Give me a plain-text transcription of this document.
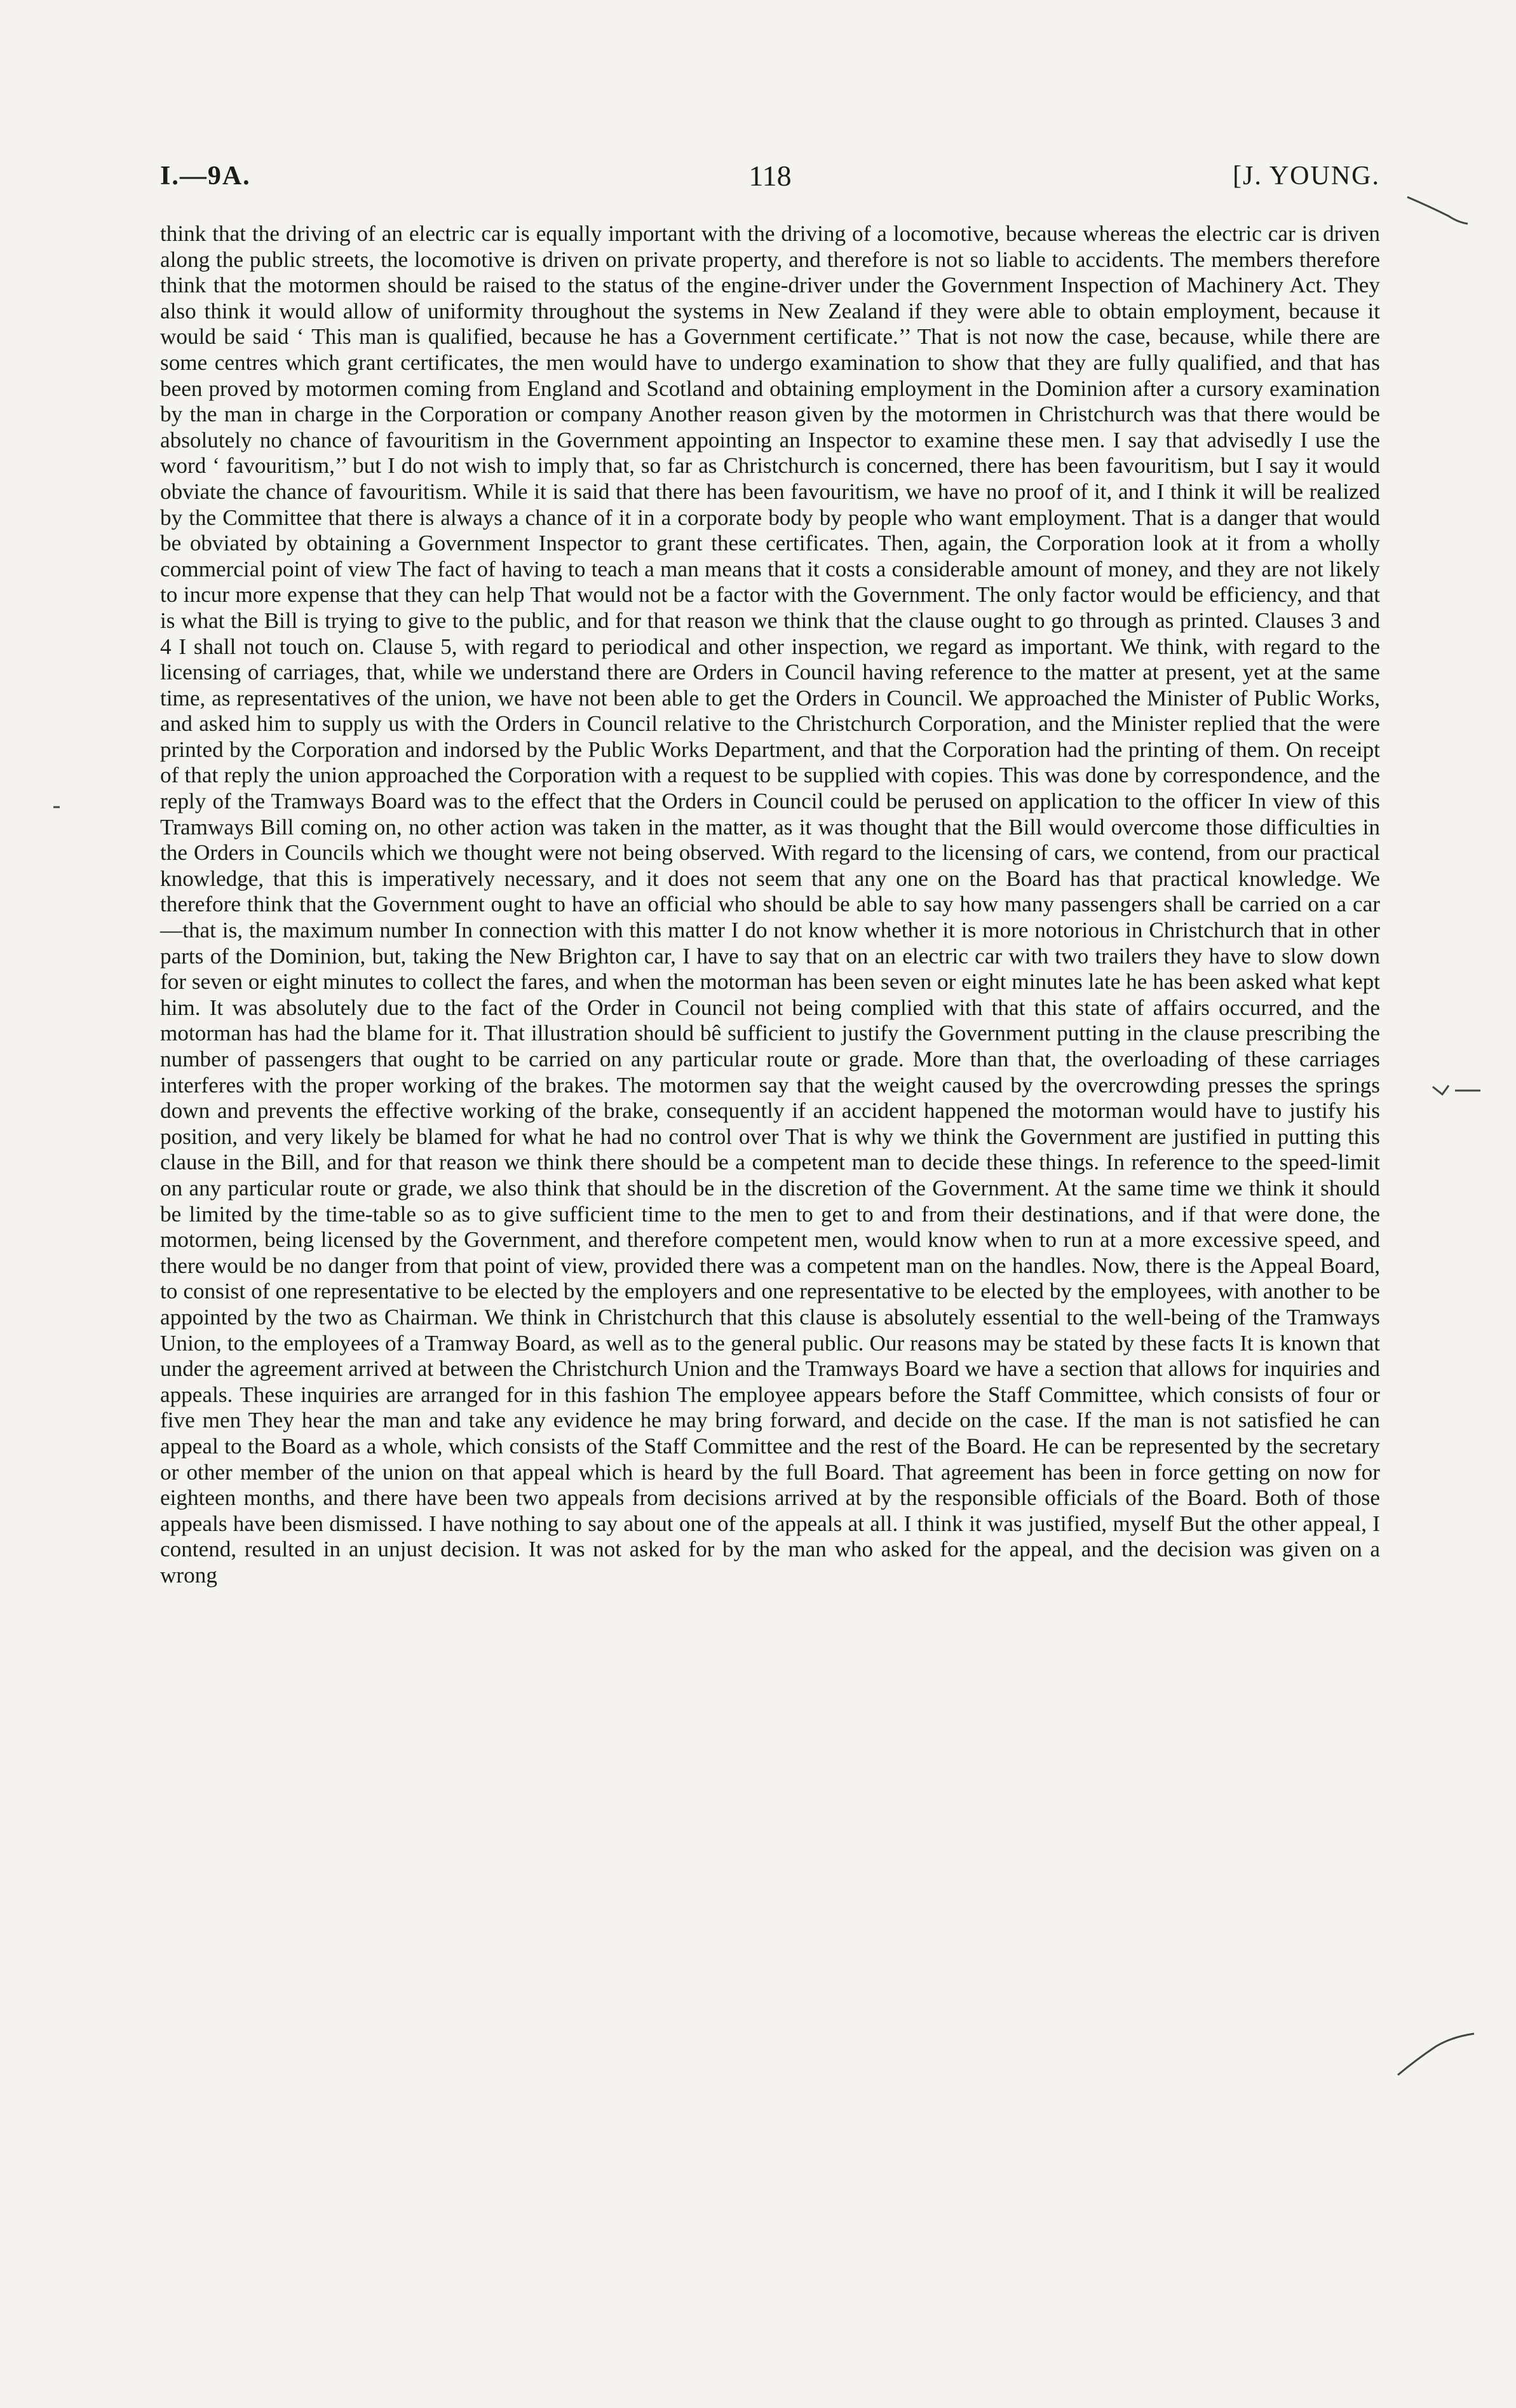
I.—9A.	118	[J. YOUNG.

think that the driving of an electric car is equally important with the driving of a locomotive, because whereas the electric car is driven along the public streets, the locomotive is driven on private property, and therefore is not so liable to accidents. The members therefore think that the motormen should be raised to the status of the engine-driver under the Government Inspection of Machinery Act. They also think it would allow of uniformity throughout the systems in New Zealand if they were able to obtain employment, because it would be said ‘ This man is qualified, because he has a Government certificate.’’ That is not now the case, because, while there are some centres which grant certificates, the men would have to undergo examination to show that they are fully qualified, and that has been proved by motormen coming from England and Scotland and obtaining employment in the Dominion after a cursory examination by the man in charge in the Corporation or company Another reason given by the motormen in Christchurch was that there would be absolutely no chance of favouritism in the Government appointing an Inspector to examine these men. I say that advisedly I use the word ‘ favouritism,’’ but I do not wish to imply that, so far as Christchurch is concerned, there has been favouritism, but I say it would obviate the chance of favouritism. While it is said that there has been favouritism, we have no proof of it, and I think it will be realized by the Committee that there is always a chance of it in a corporate body by people who want employment. That is a danger that would be obviated by obtaining a Government Inspector to grant these certificates. Then, again, the Corporation look at it from a wholly commercial point of view The fact of having to teach a man means that it costs a considerable amount of money, and they are not likely to incur more expense that they can help That would not be a factor with the Government. The only factor would be efficiency, and that is what the Bill is trying to give to the public, and for that reason we think that the clause ought to go through as printed. Clauses 3 and 4 I shall not touch on. Clause 5, with regard to periodical and other inspection, we regard as important. We think, with regard to the licensing of carriages, that, while we understand there are Orders in Council having reference to the matter at present, yet at the same time, as representatives of the union, we have not been able to get the Orders in Council. We approached the Minister of Public Works, and asked him to supply us with the Orders in Council relative to the Christchurch Corporation, and the Minister replied that the were printed by the Corporation and indorsed by the Public Works Department, and that the Corporation had the printing of them. On receipt of that reply the union approached the Corporation with a request to be supplied with copies. This was done by correspondence, and the reply of the Tramways Board was to the effect that the Orders in Council could be perused on application to the officer In view of this Tramways Bill coming on, no other action was taken in the matter, as it was thought that the Bill would overcome those difficulties in the Orders in Councils which we thought were not being observed. With regard to the licensing of cars, we contend, from our practical knowledge, that this is imperatively necessary, and it does not seem that any one on the Board has that practical knowledge. We therefore think that the Government ought to have an official who should be able to say how many passengers shall be carried on a car—that is, the maximum number In connection with this matter I do not know whether it is more notorious in Christchurch that in other parts of the Dominion, but, taking the New Brighton car, I have to say that on an electric car with two trailers they have to slow down for seven or eight minutes to collect the fares, and when the motorman has been seven or eight minutes late he has been asked what kept him. It was absolutely due to the fact of the Order in Council not being complied with that this state of affairs occurred, and the motorman has had the blame for it. That illustration should bê sufficient to justify the Government putting in the clause prescribing the number of passengers that ought to be carried on any particular route or grade. More than that, the overloading of these carriages interferes with the proper working of the brakes. The motormen say that the weight caused by the overcrowding presses the springs down and prevents the effective working of the brake, consequently if an accident happened the motorman would have to justify his position, and very likely be blamed for what he had no control over That is why we think the Government are justified in putting this clause in the Bill, and for that reason we think there should be a competent man to decide these things. In reference to the speed-limit on any particular route or grade, we also think that should be in the discretion of the Government. At the same time we think it should be limited by the time-table so as to give sufficient time to the men to get to and from their destinations, and if that were done, the motormen, being licensed by the Government, and therefore competent men, would know when to run at a more excessive speed, and there would be no danger from that point of view, provided there was a competent man on the handles. Now, there is the Appeal Board, to consist of one representative to be elected by the employers and one representative to be elected by the employees, with another to be appointed by the two as Chairman. We think in Christchurch that this clause is absolutely essential to the well-being of the Tramways Union, to the employees of a Tramway Board, as well as to the general public. Our reasons may be stated by these facts It is known that under the agreement arrived at between the Christchurch Union and the Tramways Board we have a section that allows for inquiries and appeals. These inquiries are arranged for in this fashion The employee appears before the Staff Committee, which consists of four or five men They hear the man and take any evidence he may bring forward, and decide on the case. If the man is not satisfied he can appeal to the Board as a whole, which consists of the Staff Committee and the rest of the Board. He can be represented by the secretary or other member of the union on that appeal which is heard by the full Board. That agreement has been in force getting on now for eighteen months, and there have been two appeals from decisions arrived at by the responsible officials of the Board. Both of those appeals have been dismissed. I have nothing to say about one of the appeals at all. I think it was justified, myself But the other appeal, I contend, resulted in an unjust decision. It was not asked for by the man who asked for the appeal, and the decision was given on a wrong
